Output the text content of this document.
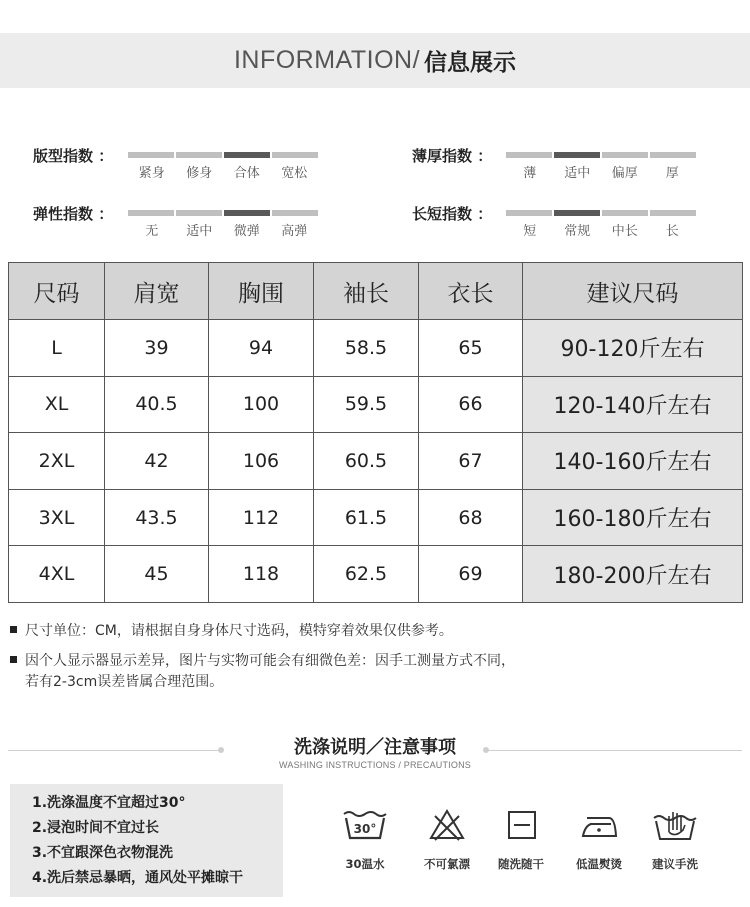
INFORMATION/ 信息展示
版型指数 ：
紧身	修身	合体	宽松
薄厚指数 ：
薄	适中	偏厚	厚
弹性指数 ：
无	适中	微弹	高弹
长短指数 ：
短	常规	中长	长
尺码	肩宽	胸围	袖长	衣长	建议尺码
L	39	94	58.5	65	90-120斤左右
XL	40.5	100	59.5	66	120-140斤左右
2XL	42	106	60.5	67	140-160斤左右
3XL	43.5	112	61.5	68	160-180斤左右
4XL	45	118	62.5	69	180-200斤左右
尺寸单位：CM，请根据自身身体尺寸选码，模特穿着效果仅供参考。
因个人显示器显示差异，图片与实物可能会有细微色差：因手工测量方式不同，
若有2-3cm误差皆属合理范围。
洗涤说明／注意事项
WASHING INSTRUCTIONS / PRECAUTIONS
1.洗涤温度不宜超过30°
2.浸泡时间不宜过长
3.不宜跟深色衣物混洗
4.洗后禁忌暴晒，通风处平摊晾干
30°
30温水	不可氯漂	随洗随干	低温熨烫	建议手洗
